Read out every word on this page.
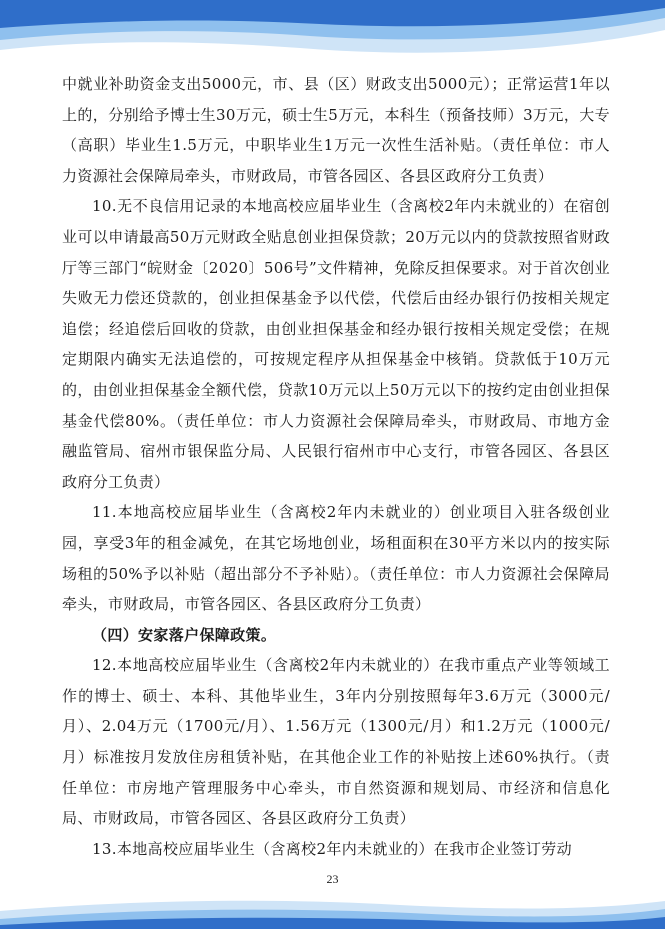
中就业补助资金支出5000元，市、县（区）财政支出5000元）；正常运营1年以上的，分别给予博士生30万元，硕士生5万元，本科生（预备技师）3万元，大专（高职）毕业生1.5万元，中职毕业生1万元一次性生活补贴。（责任单位：市人力资源社会保障局牵头，市财政局，市管各园区、各县区政府分工负责）

10.无不良信用记录的本地高校应届毕业生（含离校2年内未就业的）在宿创业可以申请最高50万元财政全贴息创业担保贷款；20万元以内的贷款按照省财政厅等三部门“皖财金〔2020〕506号”文件精神，免除反担保要求。对于首次创业失败无力偿还贷款的，创业担保基金予以代偿，代偿后由经办银行仍按相关规定追偿；经追偿后回收的贷款，由创业担保基金和经办银行按相关规定受偿；在规定期限内确实无法追偿的，可按规定程序从担保基金中核销。贷款低于10万元的，由创业担保基金全额代偿，贷款10万元以上50万元以下的按约定由创业担保基金代偿80%。（责任单位：市人力资源社会保障局牵头，市财政局、市地方金融监管局、宿州市银保监分局、人民银行宿州市中心支行，市管各园区、各县区政府分工负责）

11.本地高校应届毕业生（含离校2年内未就业的）创业项目入驻各级创业园，享受3年的租金减免，在其它场地创业，场租面积在30平方米以内的按实际场租的50%予以补贴（超出部分不予补贴）。（责任单位：市人力资源社会保障局牵头，市财政局，市管各园区、各县区政府分工负责）

（四）安家落户保障政策。

12.本地高校应届毕业生（含离校2年内未就业的）在我市重点产业等领域工作的博士、硕士、本科、其他毕业生，3年内分别按照每年3.6万元（3000元/月）、2.04万元（1700元/月）、1.56万元（1300元/月）和1.2万元（1000元/月）标准按月发放住房租赁补贴，在其他企业工作的补贴按上述60%执行。（责任单位：市房地产管理服务中心牵头，市自然资源和规划局、市经济和信息化局、市财政局，市管各园区、各县区政府分工负责）

13.本地高校应届毕业生（含离校2年内未就业的）在我市企业签订劳动

23
